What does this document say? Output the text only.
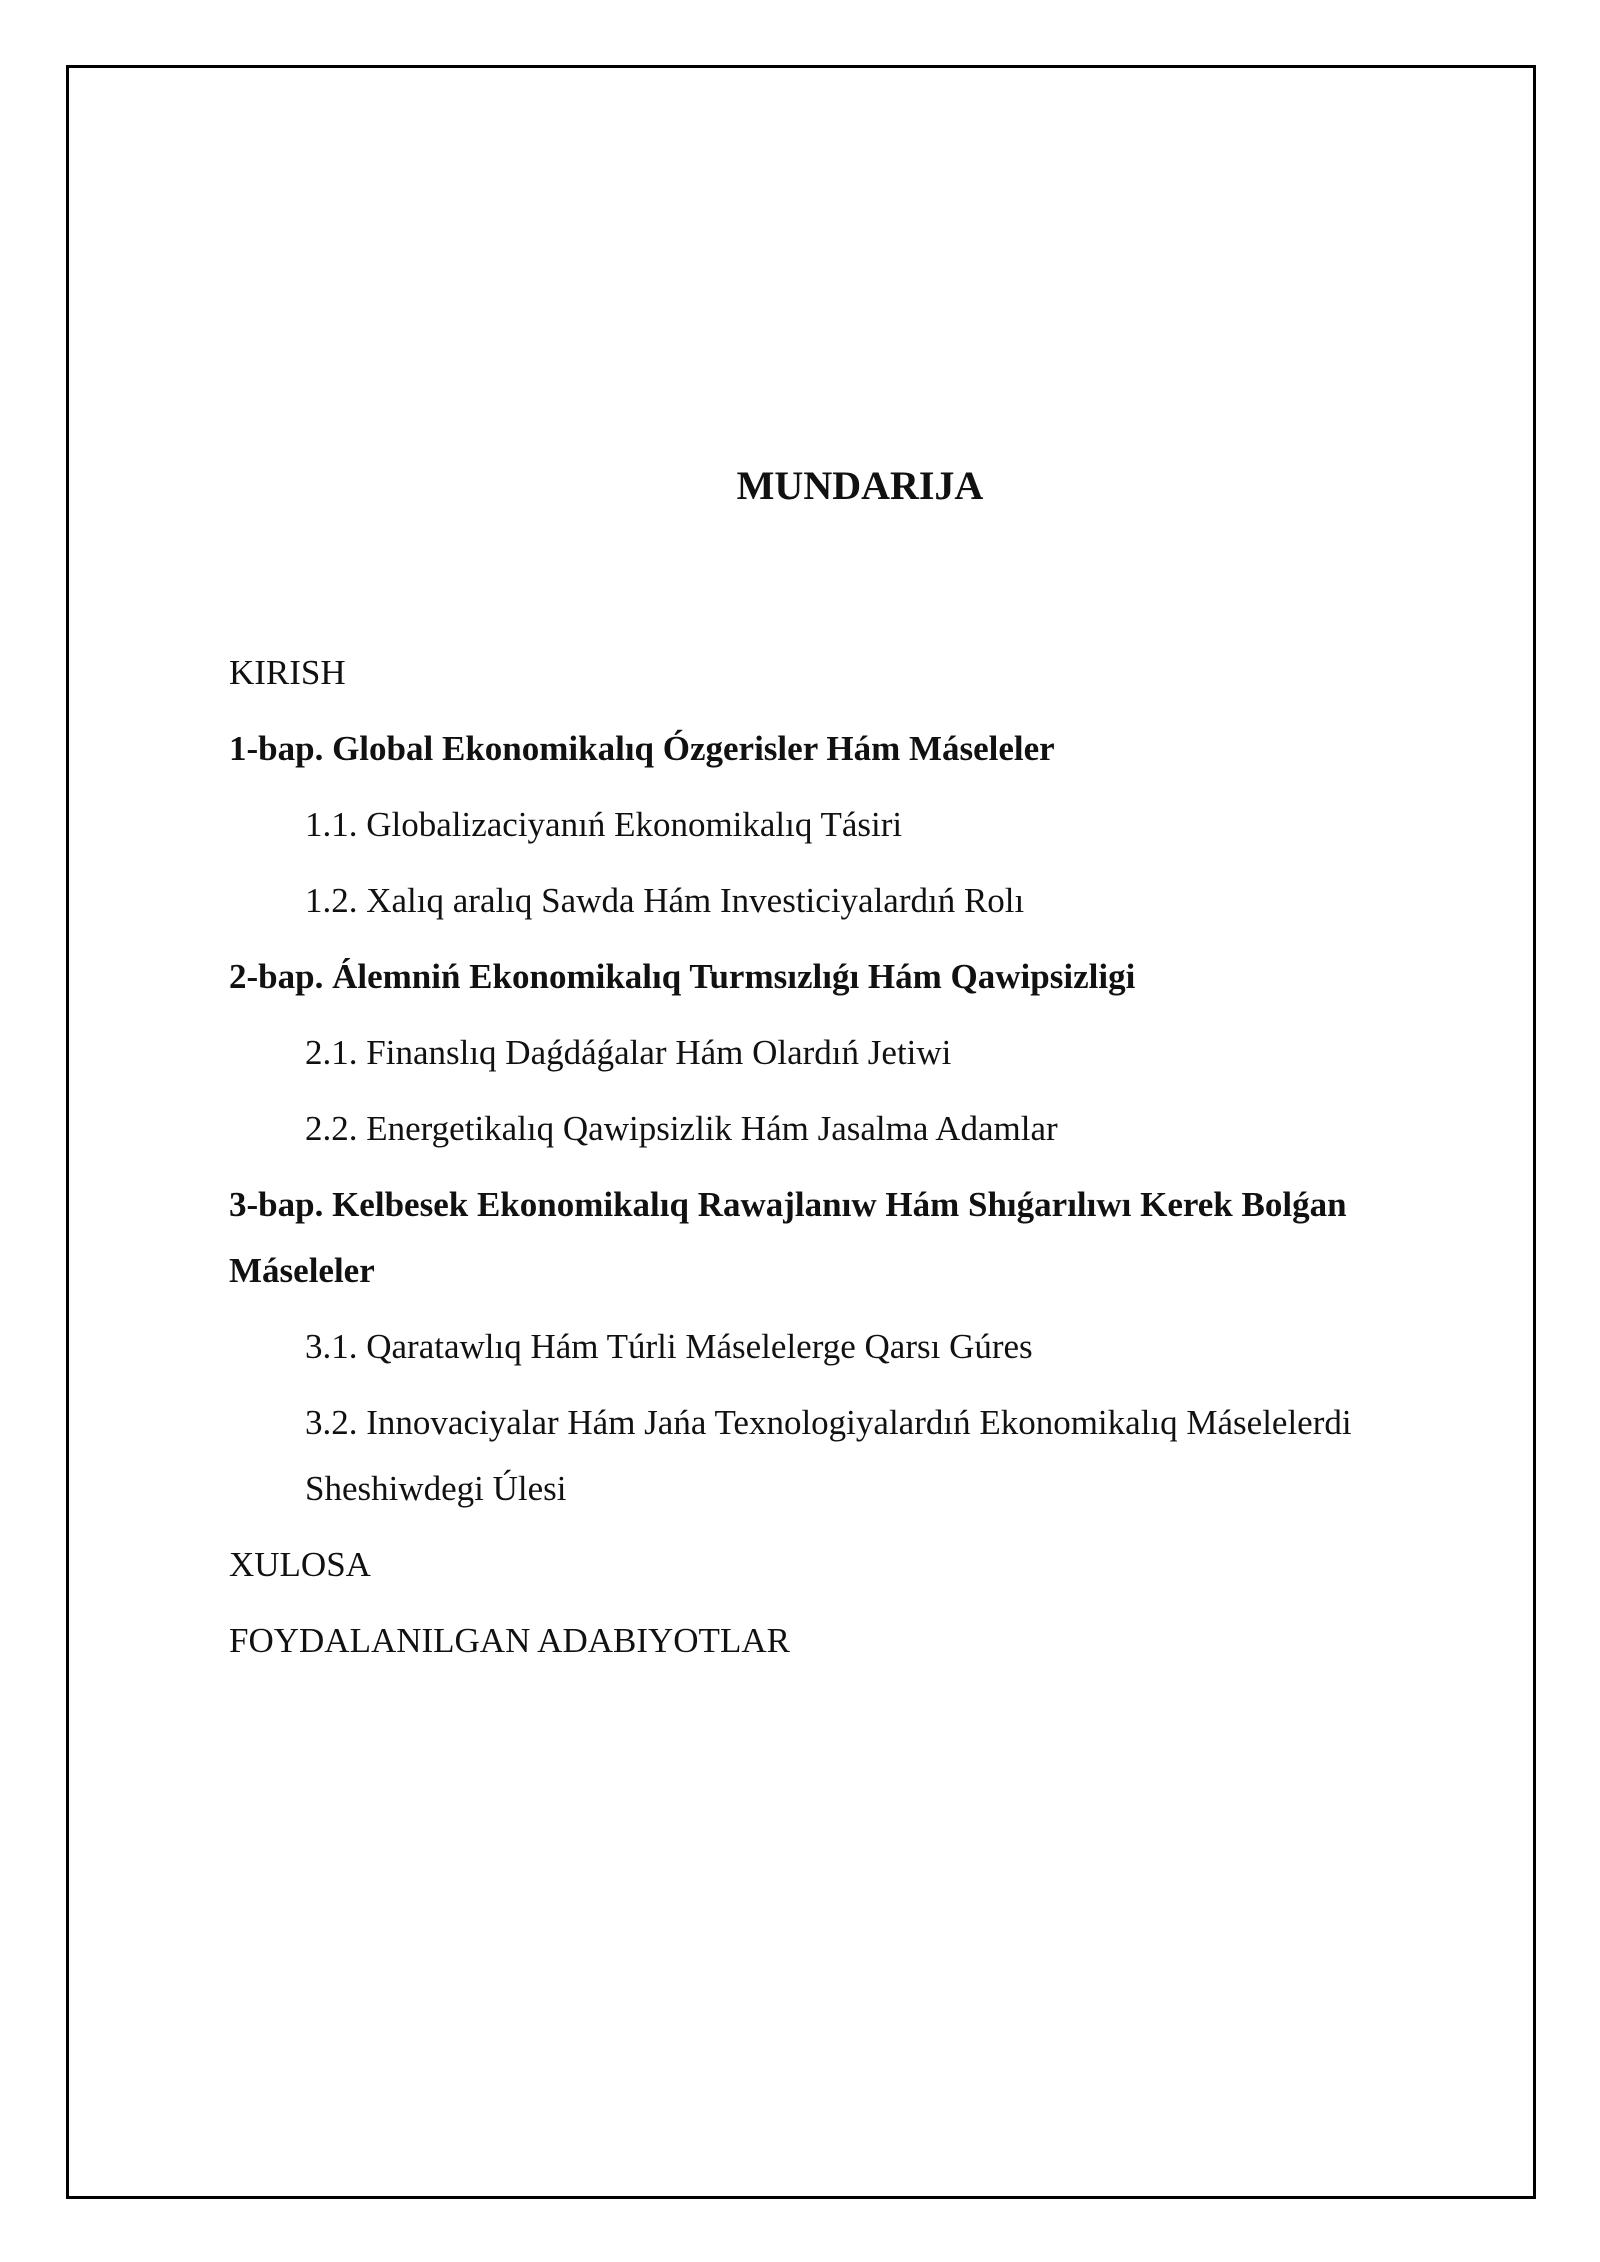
MUNDARIJA
KIRISH
1-bap. Global Ekonomikalıq Ózgerisler Hám Máseleler
1.1. Globalizaciyanıń Ekonomikalıq Tásiri
1.2. Xalıq aralıq Sawda Hám Investiciyalardıń Rolı
2-bap. Álemniń Ekonomikalıq Turmsızlıǵı Hám Qawipsizligi
2.1. Finanslıq Daǵdáǵalar Hám Olardıń Jetiwi
2.2. Energetikalıq Qawipsizlik Hám Jasalma Adamlar
3-bap. Kelbesek Ekonomikalıq Rawajlanıw Hám Shıǵarılıwı Kerek Bolǵan Máseleler
3.1. Qaratawlıq Hám Túrli Máselelerge Qarsı Gúres
3.2. Innovaciyalar Hám Jańa Texnologiyalardıń Ekonomikalıq Máselelerdi Sheshiwdegi Úlesi
XULOSA
FOYDALANILGAN ADABIYOTLAR
